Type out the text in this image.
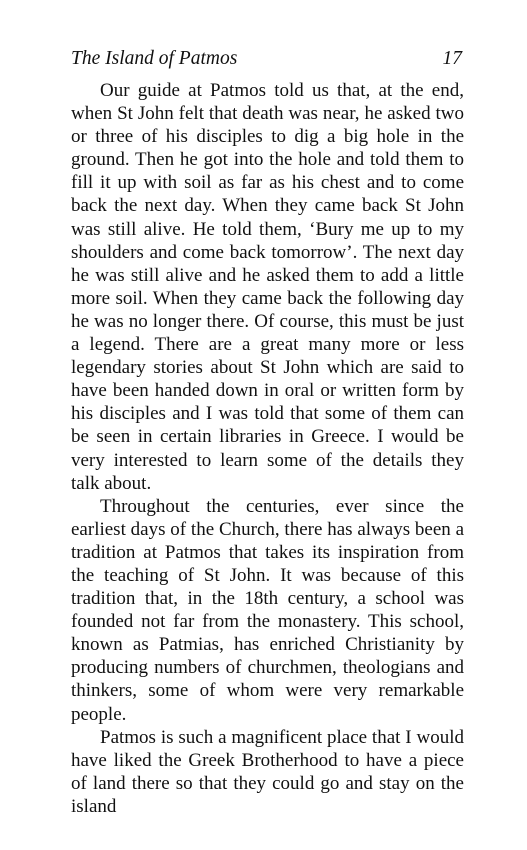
The Island of Patmos	17

Our guide at Patmos told us that, at the end, when St John felt that death was near, he asked two or three of his disciples to dig a big hole in the ground. Then he got into the hole and told them to fill it up with soil as far as his chest and to come back the next day. When they came back St John was still alive. He told them, ‘Bury me up to my shoulders and come back tomorrow’. The next day he was still alive and he asked them to add a little more soil. When they came back the following day he was no longer there. Of course, this must be just a legend. There are a great many more or less legendary stories about St John which are said to have been handed down in oral or written form by his disciples and I was told that some of them can be seen in certain libraries in Greece. I would be very interested to learn some of the details they talk about.

Throughout the centuries, ever since the earliest days of the Church, there has always been a tradition at Patmos that takes its inspiration from the teaching of St John. It was because of this tradition that, in the 18th century, a school was founded not far from the monastery. This school, known as Patmias, has enriched Christianity by producing numbers of churchmen, theologians and thinkers, some of whom were very remarkable people.

Patmos is such a magnificent place that I would have liked the Greek Brotherhood to have a piece of land there so that they could go and stay on the island
